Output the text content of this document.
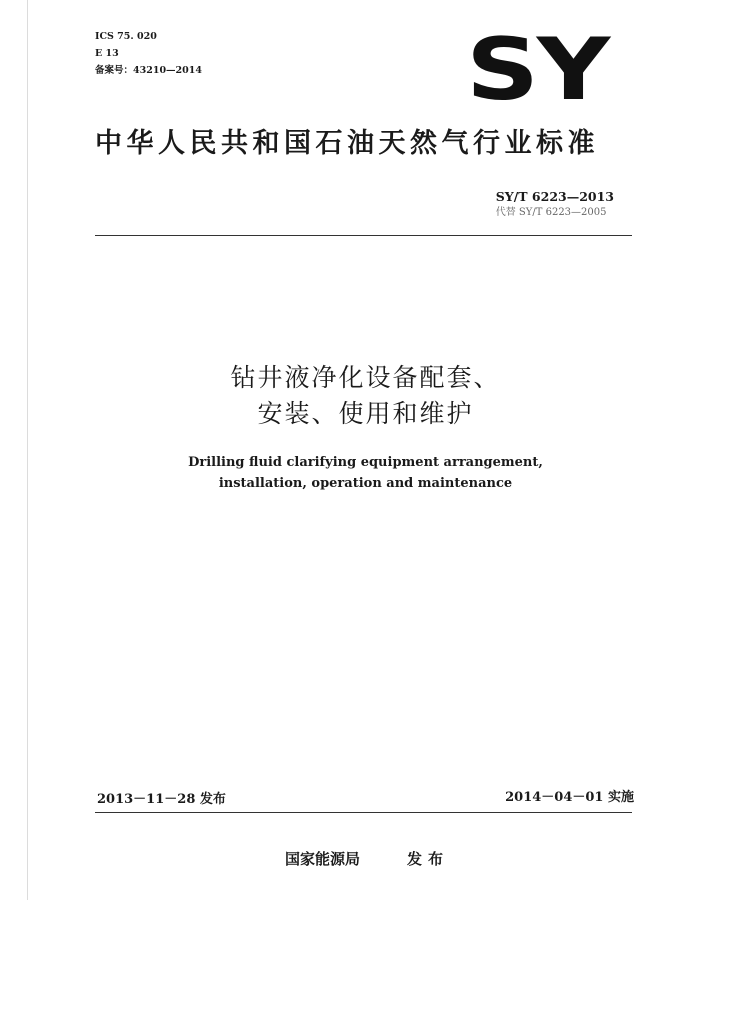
ICS 75. 020
E 13
备案号：43210—2014	SY
中华人民共和国石油天然气行业标准
SY/T 6223—2013
代替 SY/T 6223—2005
钻井液净化设备配套、
安装、使用和维护
Drilling fluid clarifying equipment arrangement,
installation, operation and maintenance
2013－11－28 发布	2014－04－01 实施
国家能源局	发布
